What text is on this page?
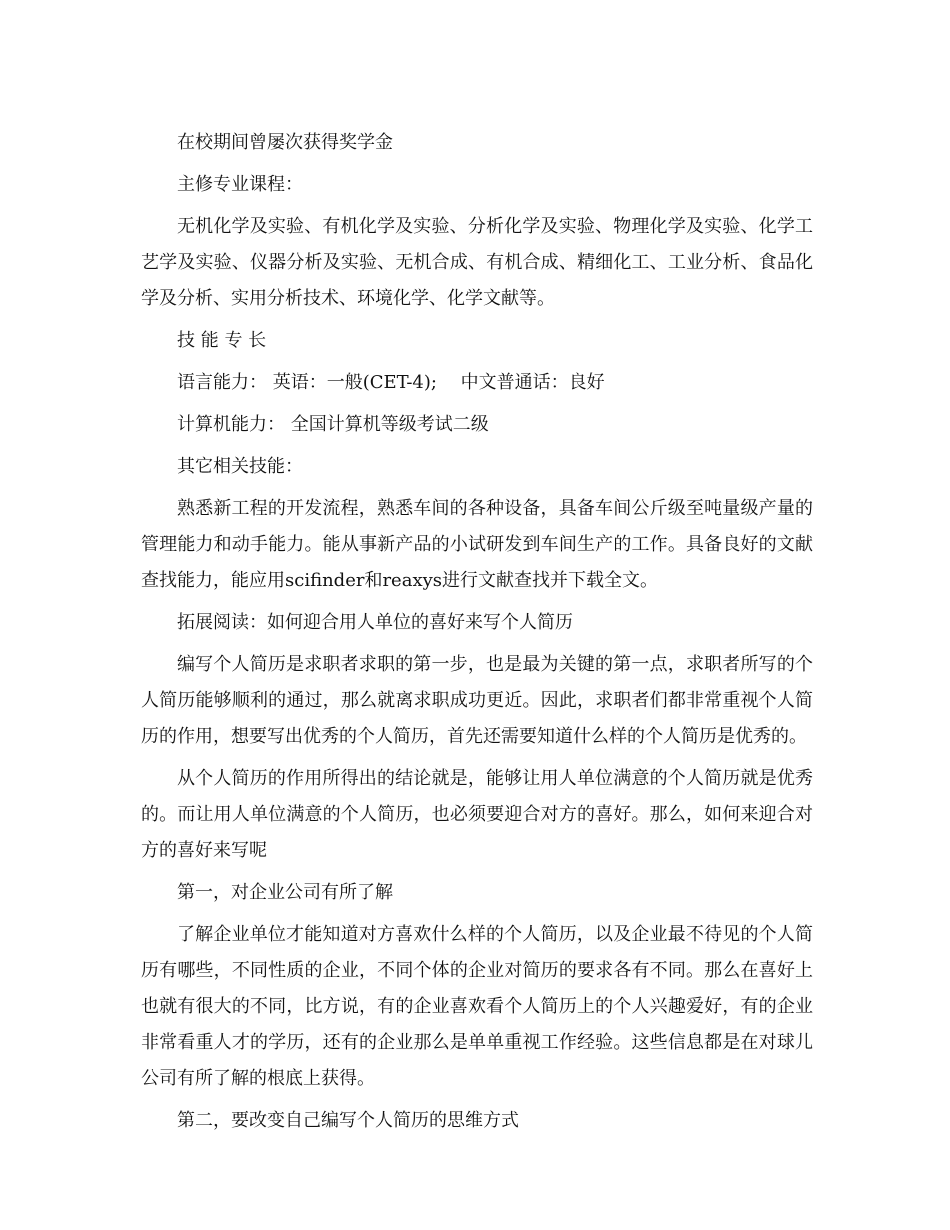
在校期间曾屡次获得奖学金

主修专业课程：

无机化学及实验、有机化学及实验、分析化学及实验、物理化学及实验、化学工艺学及实验、仪器分析及实验、无机合成、有机合成、精细化工、工业分析、食品化学及分析、实用分析技术、环境化学、化学文献等。

技 能 专 长

语言能力： 英语：一般(CET-4);　 中文普通话：良好

计算机能力： 全国计算机等级考试二级

其它相关技能：

熟悉新工程的开发流程，熟悉车间的各种设备，具备车间公斤级至吨量级产量的管理能力和动手能力。能从事新产品的小试研发到车间生产的工作。具备良好的文献查找能力，能应用scifinder和reaxys进行文献查找并下载全文。

拓展阅读：如何迎合用人单位的喜好来写个人简历

编写个人简历是求职者求职的第一步，也是最为关键的第一点，求职者所写的个人简历能够顺利的通过，那么就离求职成功更近。因此，求职者们都非常重视个人简历的作用，想要写出优秀的个人简历，首先还需要知道什么样的个人简历是优秀的。

从个人简历的作用所得出的结论就是，能够让用人单位满意的个人简历就是优秀的。而让用人单位满意的个人简历，也必须要迎合对方的喜好。那么，如何来迎合对方的喜好来写呢

第一，对企业公司有所了解

了解企业单位才能知道对方喜欢什么样的个人简历，以及企业最不待见的个人简历有哪些，不同性质的企业，不同个体的企业对简历的要求各有不同。那么在喜好上也就有很大的不同，比方说，有的企业喜欢看个人简历上的个人兴趣爱好，有的企业非常看重人才的学历，还有的企业那么是单单重视工作经验。这些信息都是在对球儿公司有所了解的根底上获得。

第二，要改变自己编写个人简历的思维方式
